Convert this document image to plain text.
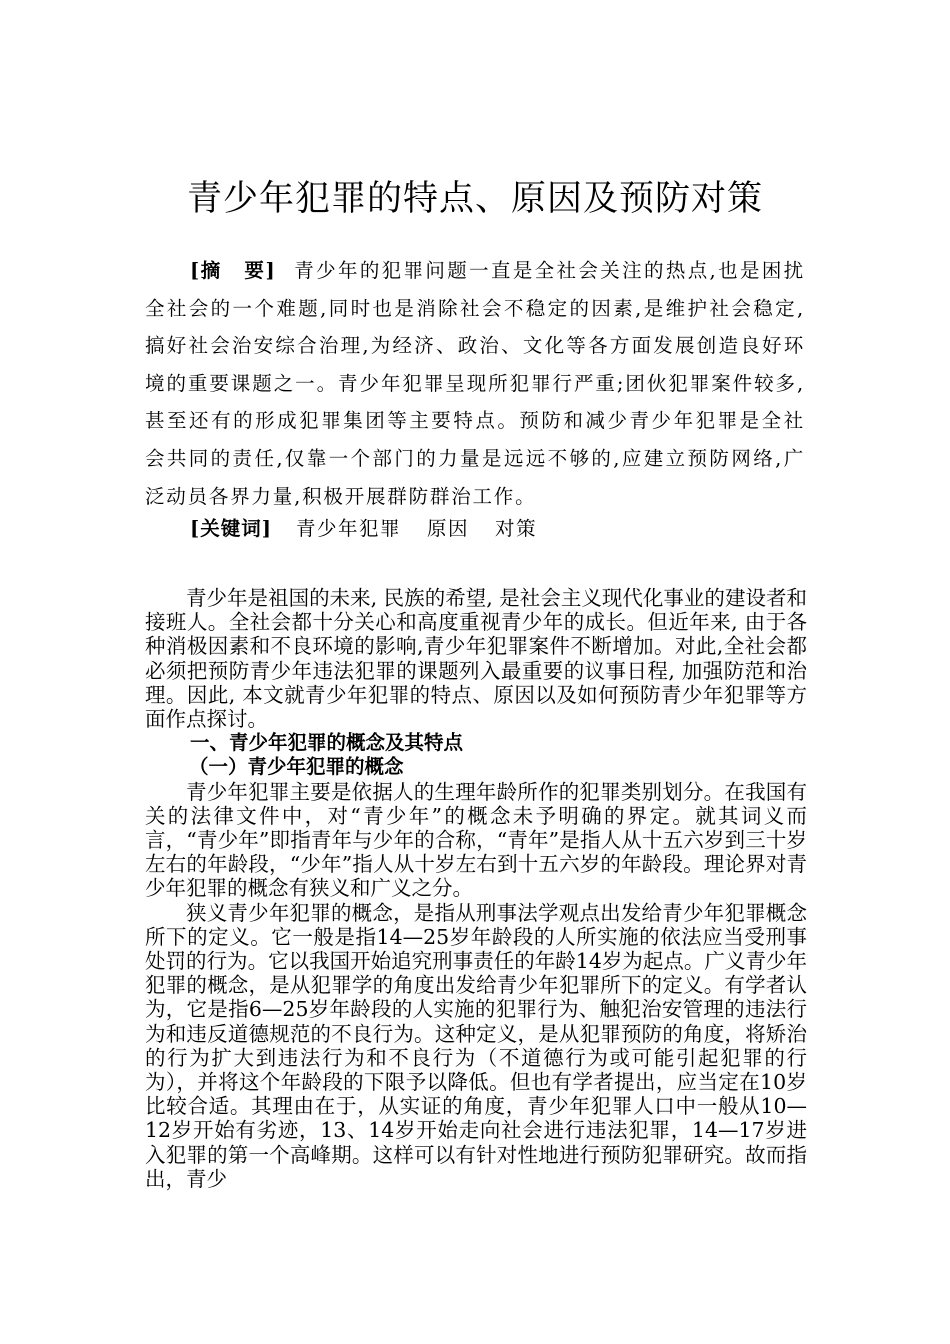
青少年犯罪的特点、原因及预防对策

[摘 要] 青少年的犯罪问题一直是全社会关注的热点,也是困扰全社会的一个难题,同时也是消除社会不稳定的因素,是维护社会稳定,搞好社会治安综合治理,为经济、政治、文化等各方面发展创造良好环境的重要课题之一。青少年犯罪呈现所犯罪行严重;团伙犯罪案件较多,甚至还有的形成犯罪集团等主要特点。预防和减少青少年犯罪是全社会共同的责任,仅靠一个部门的力量是远远不够的,应建立预防网络,广泛动员各界力量,积极开展群防群治工作。

[关键词] 青少年犯罪 原因 对策

青少年是祖国的未来, 民族的希望, 是社会主义现代化事业的建设者和接班人。全社会都十分关心和高度重视青少年的成长。但近年来, 由于各种消极因素和不良环境的影响,青少年犯罪案件不断增加。对此,全社会都必须把预防青少年违法犯罪的课题列入最重要的议事日程, 加强防范和治理。因此, 本文就青少年犯罪的特点、原因以及如何预防青少年犯罪等方面作点探讨。

一、青少年犯罪的概念及其特点
（一）青少年犯罪的概念

青少年犯罪主要是依据人的生理年龄所作的犯罪类别划分。在我国有关的法律文件中，对“青少年”的概念未予明确的界定。就其词义而言，“青少年”即指青年与少年的合称，“青年”是指人从十五六岁到三十岁左右的年龄段，“少年”指人从十岁左右到十五六岁的年龄段。理论界对青少年犯罪的概念有狭义和广义之分。

狭义青少年犯罪的概念，是指从刑事法学观点出发给青少年犯罪概念所下的定义。它一般是指14—25岁年龄段的人所实施的依法应当受刑事处罚的行为。它以我国开始追究刑事责任的年龄14岁为起点。广义青少年犯罪的概念，是从犯罪学的角度出发给青少年犯罪所下的定义。有学者认为，它是指6—25岁年龄段的人实施的犯罪行为、触犯治安管理的违法行为和违反道德规范的不良行为。这种定义，是从犯罪预防的角度，将矫治的行为扩大到违法行为和不良行为（不道德行为或可能引起犯罪的行为），并将这个年龄段的下限予以降低。但也有学者提出，应当定在10岁比较合适。其理由在于，从实证的角度，青少年犯罪人口中一般从10—12岁开始有劣迹，13、14岁开始走向社会进行违法犯罪，14—17岁进入犯罪的第一个高峰期。这样可以有针对性地进行预防犯罪研究。故而指出，青少
